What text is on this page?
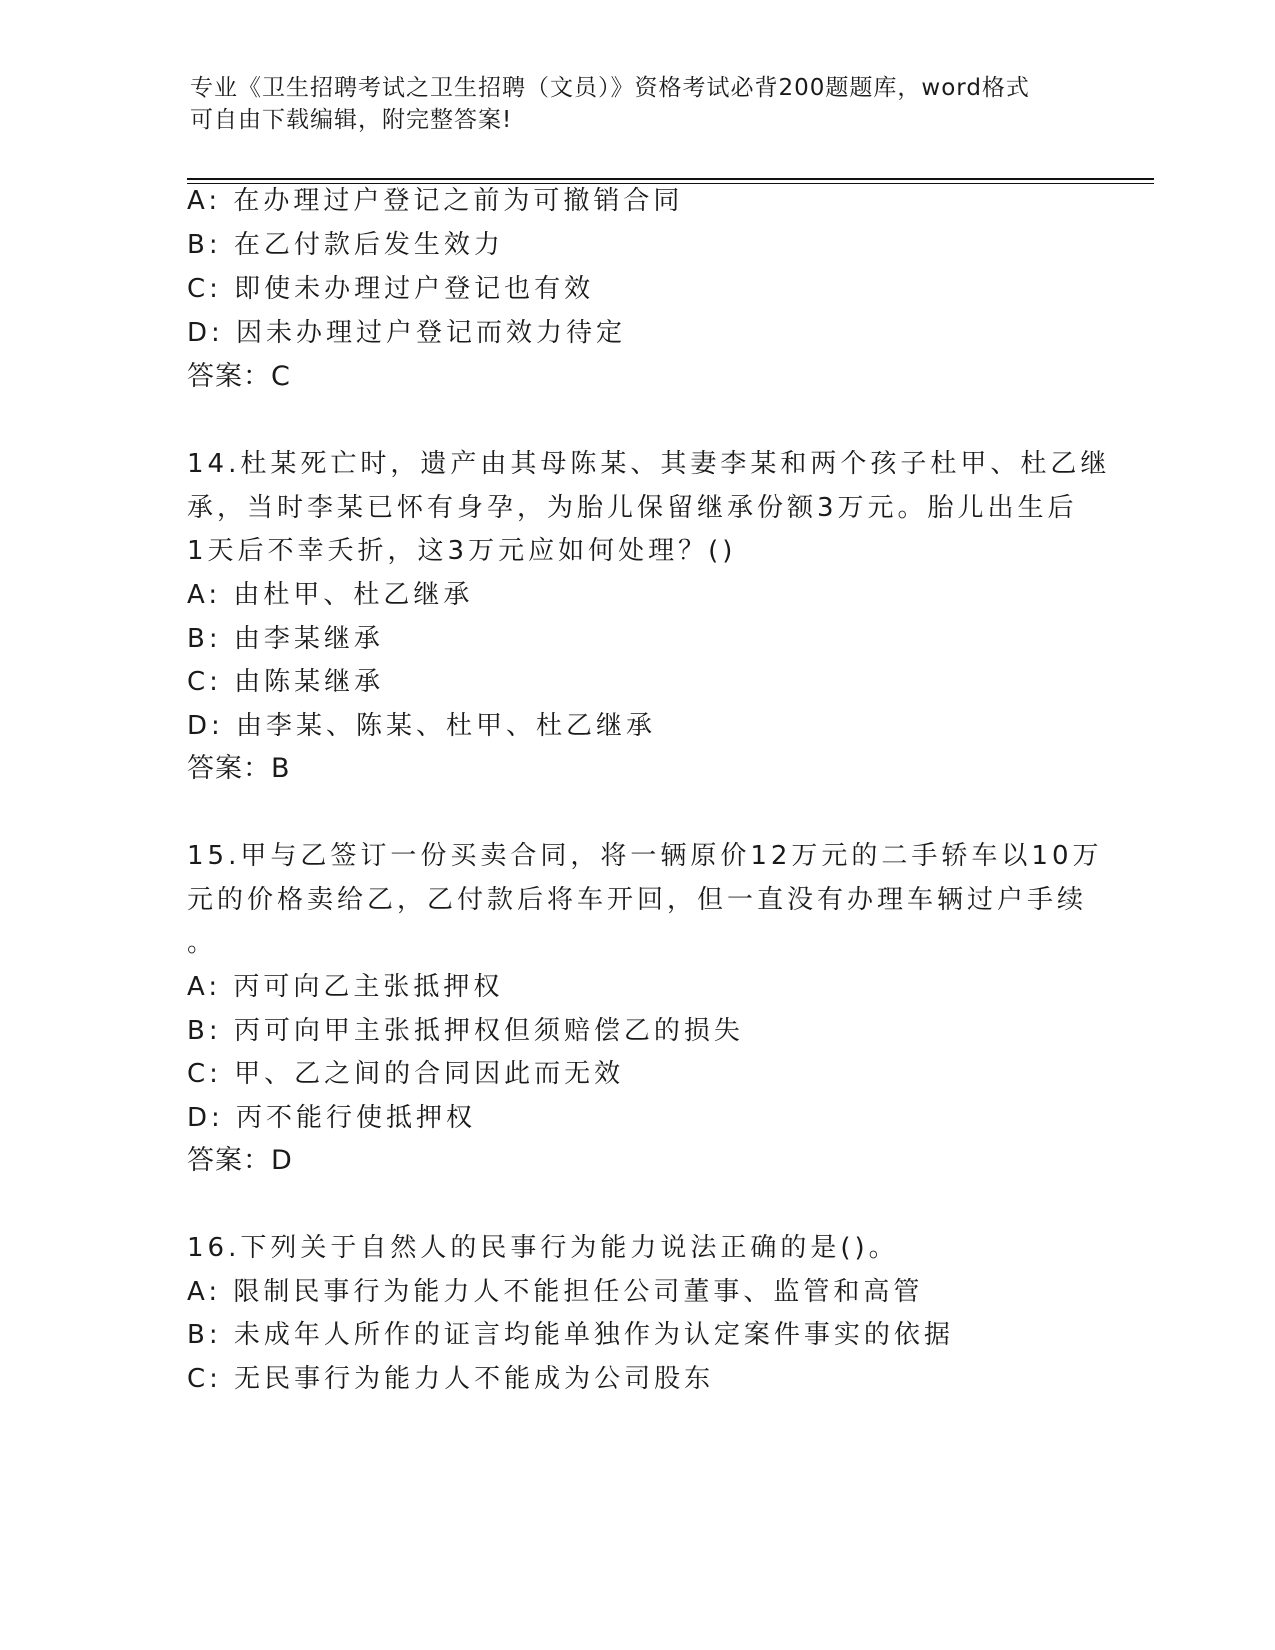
专业《卫生招聘考试之卫生招聘（文员）》资格考试必背200题题库，word格式
可自由下载编辑，附完整答案!
A: 在办理过户登记之前为可撤销合同
B: 在乙付款后发生效力
C: 即使未办理过户登记也有效
D: 因未办理过户登记而效力待定
答案：C
14.杜某死亡时，遗产由其母陈某、其妻李某和两个孩子杜甲、杜乙继
承，当时李某已怀有身孕，为胎儿保留继承份额3万元。胎儿出生后
1天后不幸夭折，这3万元应如何处理？()
A: 由杜甲、杜乙继承
B: 由李某继承
C: 由陈某继承
D: 由李某、陈某、杜甲、杜乙继承
答案：B
15.甲与乙签订一份买卖合同，将一辆原价12万元的二手轿车以10万
元的价格卖给乙，乙付款后将车开回，但一直没有办理车辆过户手续
。
A: 丙可向乙主张抵押权
B: 丙可向甲主张抵押权但须赔偿乙的损失
C: 甲、乙之间的合同因此而无效
D: 丙不能行使抵押权
答案：D
16.下列关于自然人的民事行为能力说法正确的是()。
A: 限制民事行为能力人不能担任公司董事、监管和高管
B: 未成年人所作的证言均能单独作为认定案件事实的依据
C: 无民事行为能力人不能成为公司股东
